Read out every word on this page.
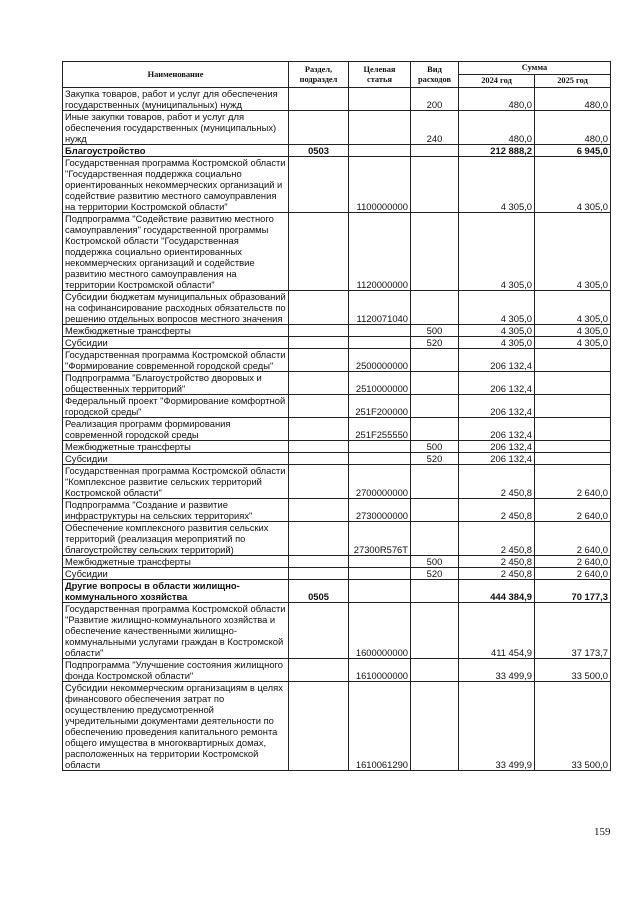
Наименование	Раздел, подраздел	Целевая статья	Вид расходов	Сумма	
				2024 год	2025 год
Закупка товаров, работ и услуг для обеспечения государственных (муниципальных) нужд			200	480,0	480,0
Иные закупки товаров, работ и услуг для обеспечения государственных (муниципальных) нужд			240	480,0	480,0
Благоустройство	0503			212 888,2	6 945,0
Государственная программа Костромской области "Государственная поддержка социально ориентированных некоммерческих организаций и содействие развитию местного самоуправления на территории Костромской области"		1100000000		4 305,0	4 305,0
Подпрограмма "Содействие развитию местного самоуправления" государственной программы Костромской области "Государственная поддержка социально ориентированных некоммерческих организаций и содействие развитию местного самоуправления на территории Костромской области"		1120000000		4 305,0	4 305,0
Субсидии бюджетам муниципальных образований на софинансирование расходных обязательств по решению отдельных вопросов местного значения		1120071040		4 305,0	4 305,0
Межбюджетные трансферты			500	4 305,0	4 305,0
Субсидии			520	4 305,0	4 305,0
Государственная программа Костромской области "Формирование современной городской среды"		2500000000		206 132,4	
Подпрограмма "Благоустройство дворовых и общественных территорий"		2510000000		206 132,4	
Федеральный проект "Формирование комфортной городской среды"		251F200000		206 132,4	
Реализация программ формирования современной городской среды		251F255550		206 132,4	
Межбюджетные трансферты			500	206 132,4	
Субсидии			520	206 132,4	
Государственная программа Костромской области "Комплексное развитие сельских территорий Костромской области"		2700000000		2 450,8	2 640,0
Подпрограмма "Создание и развитие инфраструктуры на сельских территориях"		2730000000		2 450,8	2 640,0
Обеспечение комплексного развития сельских территорий (реализация мероприятий по благоустройству сельских территорий)		27300R576T		2 450,8	2 640,0
Межбюджетные трансферты			500	2 450,8	2 640,0
Субсидии			520	2 450,8	2 640,0
Другие вопросы в области жилищно-коммунального хозяйства	0505			444 384,9	70 177,3
Государственная программа Костромской области "Развитие жилищно-коммунального хозяйства и обеспечение качественными жилищно-коммунальными услугами граждан в Костромской области"		1600000000		411 454,9	37 173,7
Подпрограмма "Улучшение состояния жилищного фонда Костромской области"		1610000000		33 499,9	33 500,0
Субсидии некоммерческим организациям в целях финансового обеспечения затрат по осуществлению предусмотренной учредительными документами деятельности по обеспечению проведения капитального ремонта общего имущества в многоквартирных домах, расположенных на территории Костромской области		1610061290		33 499,9	33 500,0
159
